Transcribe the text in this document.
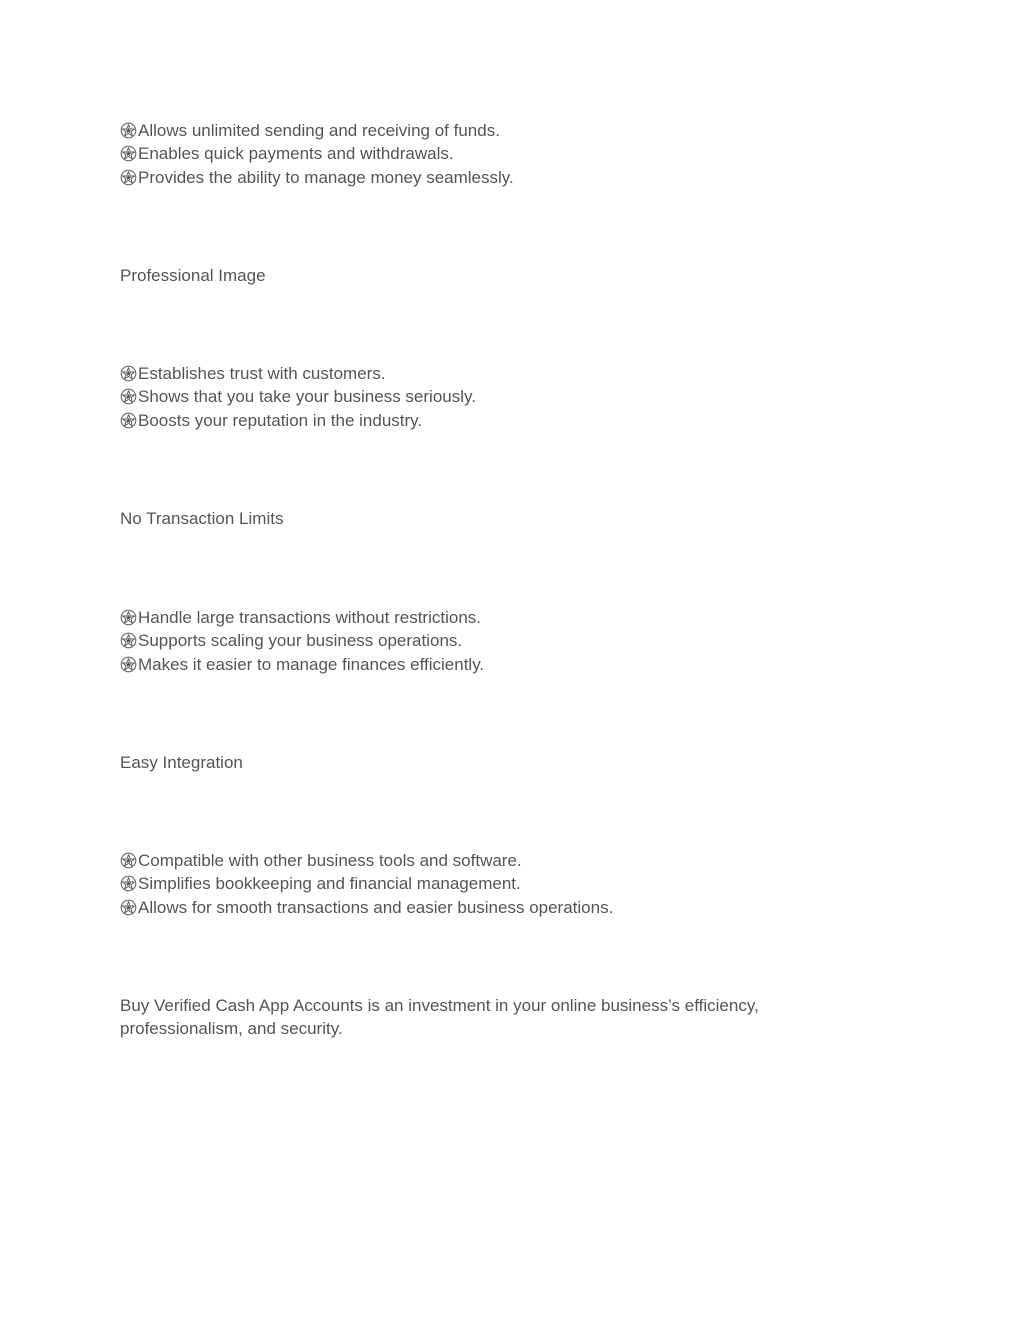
Allows unlimited sending and receiving of funds.
Enables quick payments and withdrawals.
Provides the ability to manage money seamlessly.
Professional Image
Establishes trust with customers.
Shows that you take your business seriously.
Boosts your reputation in the industry.
No Transaction Limits
Handle large transactions without restrictions.
Supports scaling your business operations.
Makes it easier to manage finances efficiently.
Easy Integration
Compatible with other business tools and software.
Simplifies bookkeeping and financial management.
Allows for smooth transactions and easier business operations.

Buy Verified Cash App Accounts is an investment in your online business’s efficiency, professionalism, and security.
